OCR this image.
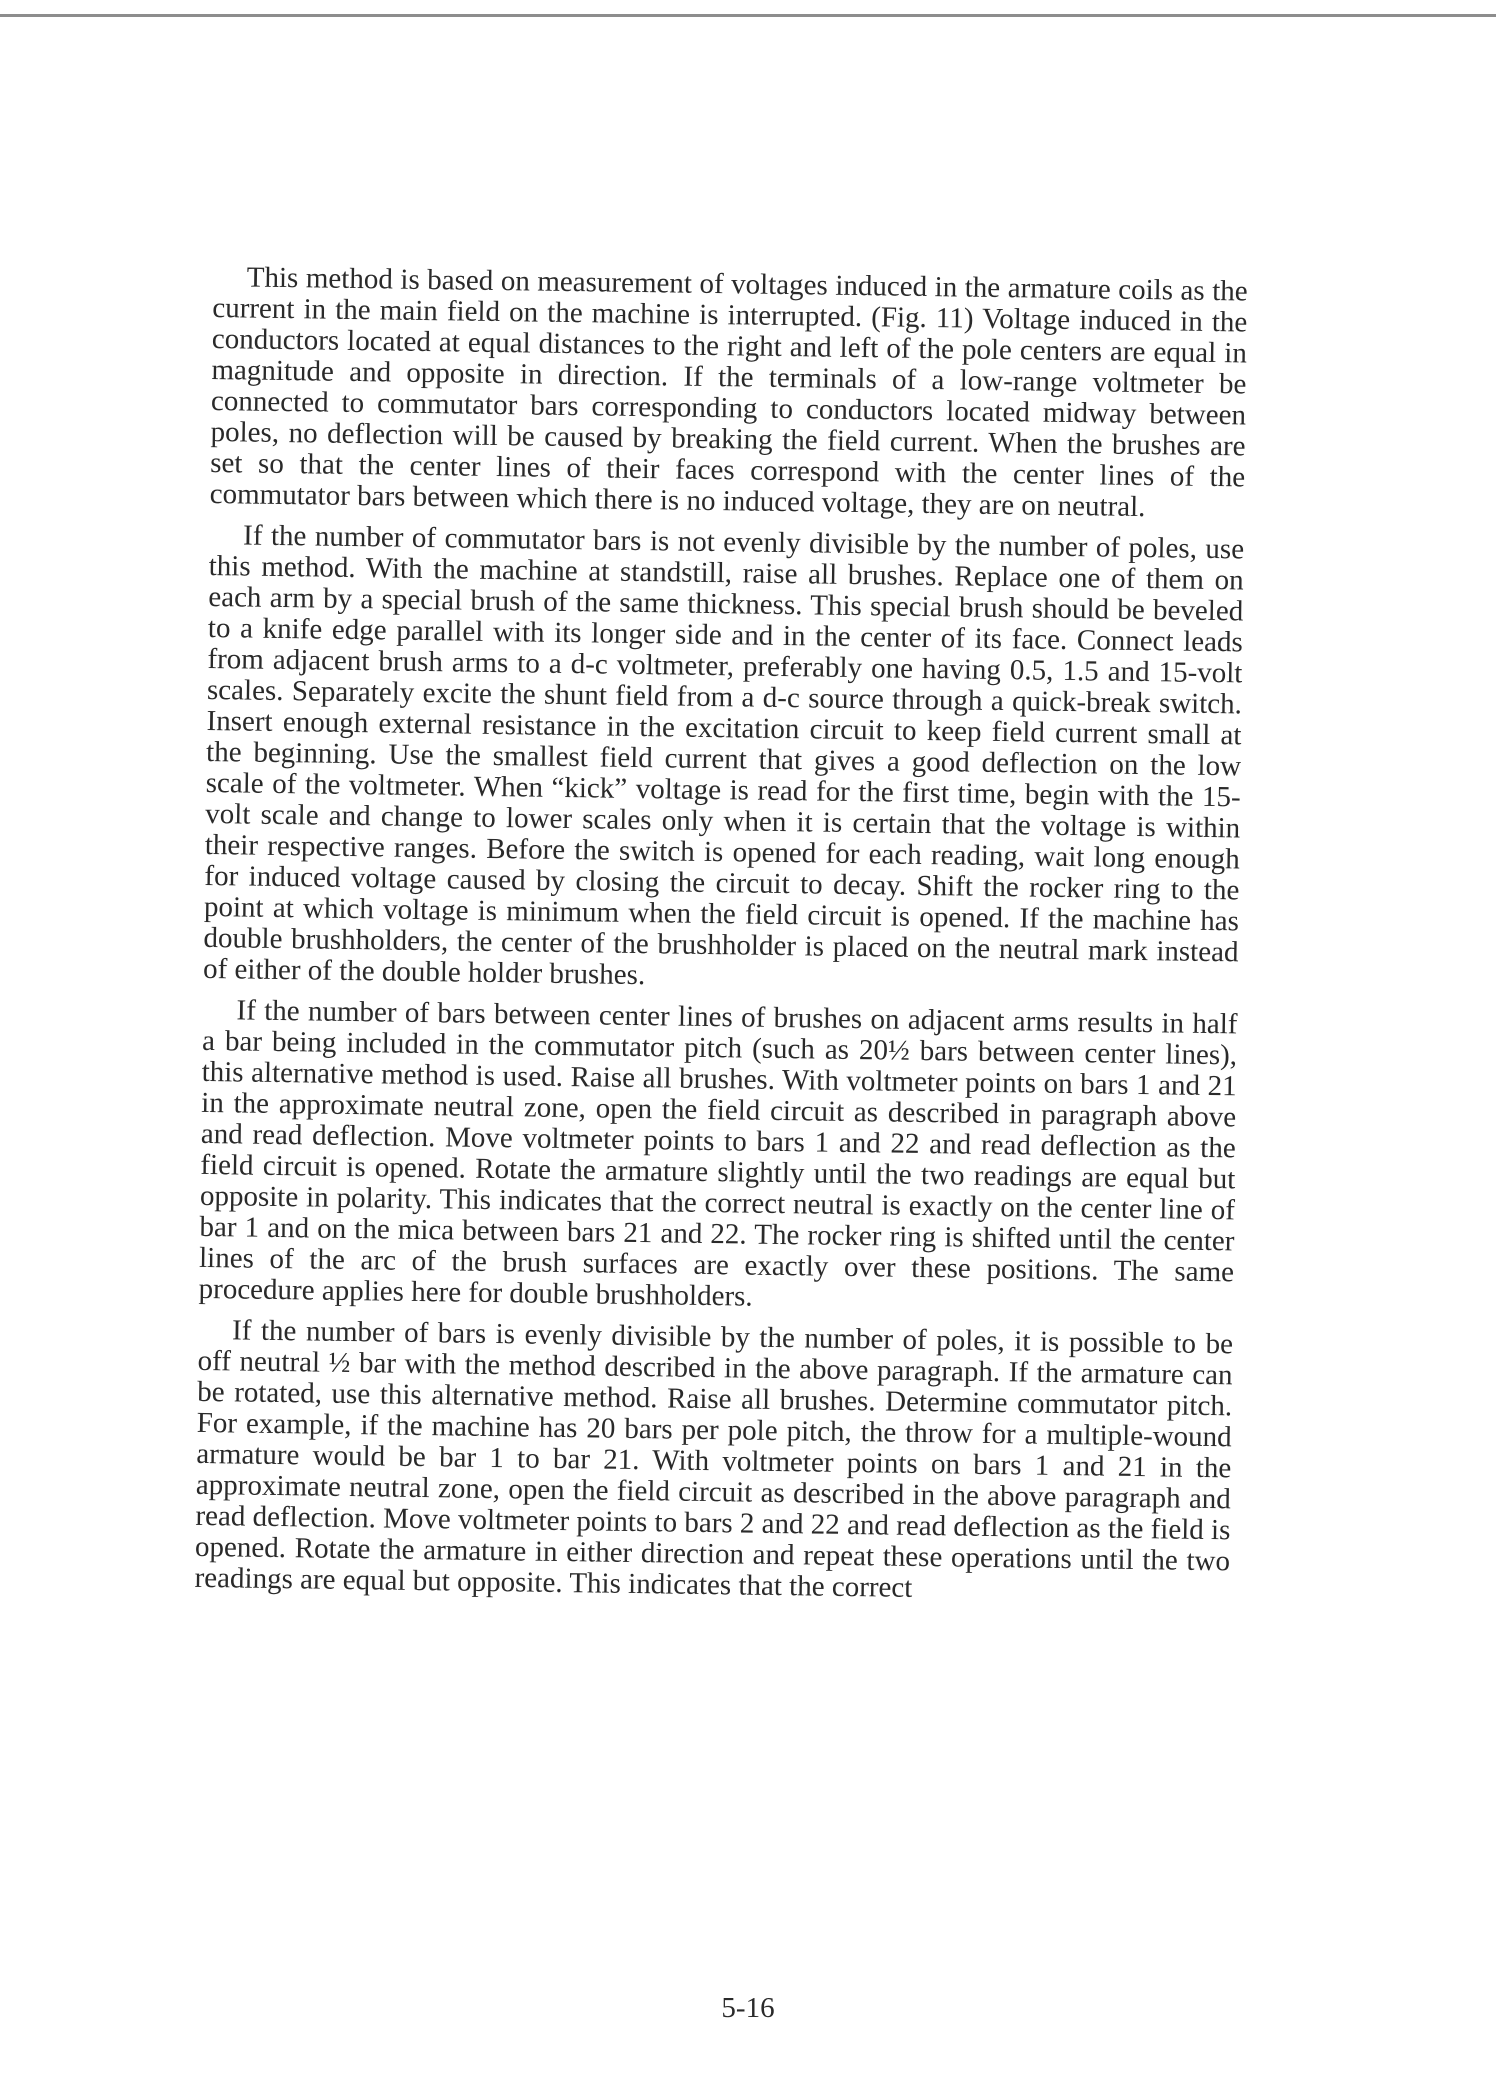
This method is based on measurement of voltages induced in the armature coils as the current in the main field on the machine is interrupted. (Fig. 11) Voltage induced in the conductors located at equal distances to the right and left of the pole centers are equal in magnitude and opposite in direction. If the terminals of a low-range voltmeter be connected to commutator bars corresponding to conductors located midway between poles, no deflection will be caused by breaking the field current. When the brushes are set so that the center lines of their faces correspond with the center lines of the commutator bars between which there is no induced voltage, they are on neutral.

If the number of commutator bars is not evenly divisible by the number of poles, use this method. With the machine at standstill, raise all brushes. Replace one of them on each arm by a special brush of the same thickness. This special brush should be beveled to a knife edge parallel with its longer side and in the center of its face. Connect leads from adjacent brush arms to a d-c voltmeter, preferably one having 0.5, 1.5 and 15-volt scales. Separately excite the shunt field from a d-c source through a quick-break switch. Insert enough external resistance in the excitation circuit to keep field current small at the beginning. Use the smallest field current that gives a good deflection on the low scale of the voltmeter. When “kick” voltage is read for the first time, begin with the 15-volt scale and change to lower scales only when it is certain that the voltage is within their respective ranges. Before the switch is opened for each reading, wait long enough for induced voltage caused by closing the circuit to decay. Shift the rocker ring to the point at which voltage is minimum when the field circuit is opened. If the machine has double brushholders, the center of the brushholder is placed on the neutral mark instead of either of the double holder brushes.

If the number of bars between center lines of brushes on adjacent arms results in half a bar being included in the commutator pitch (such as 20½ bars between center lines), this alternative method is used. Raise all brushes. With voltmeter points on bars 1 and 21 in the approximate neutral zone, open the field circuit as described in paragraph above and read deflection. Move voltmeter points to bars 1 and 22 and read deflection as the field circuit is opened. Rotate the armature slightly until the two readings are equal but opposite in polarity. This indicates that the correct neutral is exactly on the center line of bar 1 and on the mica between bars 21 and 22. The rocker ring is shifted until the center lines of the arc of the brush surfaces are exactly over these positions. The same procedure applies here for double brushholders.

If the number of bars is evenly divisible by the number of poles, it is possible to be off neutral ½ bar with the method described in the above paragraph. If the armature can be rotated, use this alternative method. Raise all brushes. Determine commutator pitch. For example, if the machine has 20 bars per pole pitch, the throw for a multiple-wound armature would be bar 1 to bar 21. With voltmeter points on bars 1 and 21 in the approximate neutral zone, open the field circuit as described in the above paragraph and read deflection. Move voltmeter points to bars 2 and 22 and read deflection as the field is opened. Rotate the armature in either direction and repeat these operations until the two readings are equal but opposite. This indicates that the correct

5-16
